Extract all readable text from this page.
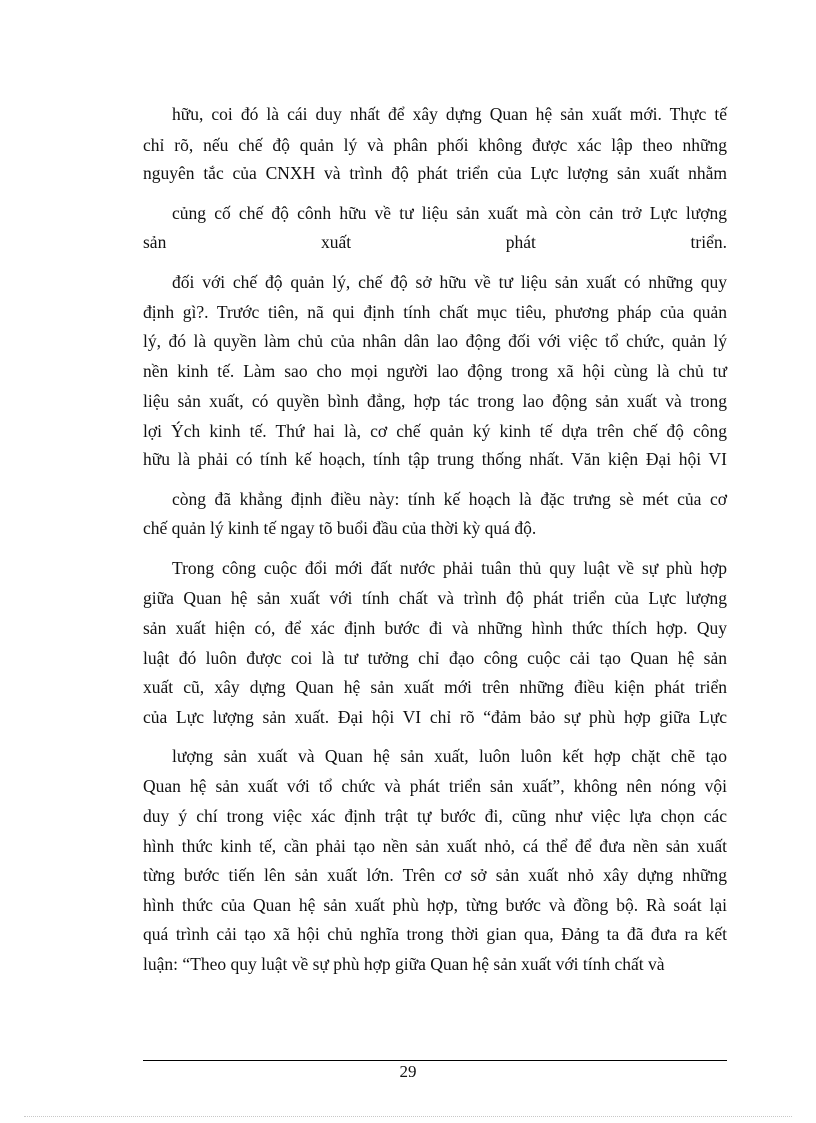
hữu, coi đó là cái duy nhất để xây dựng Quan hệ sản xuất mới. Thực tế
chỉ rõ, nếu chế độ quản lý và phân phối không được xác lập theo những
nguyên tắc của CNXH và trình độ phát triển của Lực lượng sản xuất nhằm
củng cố chế độ cônh hữu về tư liệu sản xuất mà còn cản trở Lực lượng
sản xuất phát triển.
đối với chế độ quản lý, chế độ sở hữu về tư liệu sản xuất có những quy
định gì?. Trước tiên, nã qui định tính chất mục tiêu, phương pháp của quản
lý, đó là quyền làm chủ của nhân dân lao động đối với việc tổ chức, quản lý
nền kinh tế. Làm sao cho mọi người lao động trong xã hội cùng là chủ tư
liệu sản xuất, có quyền bình đẳng, hợp tác trong lao động sản xuất và trong
lợi Ých kinh tế. Thứ hai là, cơ chế quản ký kinh tế dựa trên chế độ công
hữu là phải có tính kế hoạch, tính tập trung thống nhất. Văn kiện Đại hội VI
còng đã khẳng định điều này: tính kế hoạch là đặc trưng sè mét của cơ
chế quản lý kinh tế ngay tõ buổi đầu của thời kỳ quá độ.
Trong công cuộc đổi mới đất nước phải tuân thủ quy luật về sự phù hợp
giữa Quan hệ sản xuất với tính chất và trình độ phát triển của Lực lượng
sản xuất hiện có, để xác định bước đi và những hình thức thích hợp. Quy
luật đó luôn được coi là tư tưởng chỉ đạo công cuộc cải tạo Quan hệ sản
xuất cũ, xây dựng Quan hệ sản xuất mới trên những điều kiện phát triển
của Lực lượng sản xuất. Đại hội VI chỉ rõ “đảm bảo sự phù hợp giữa Lực
lượng sản xuất và Quan hệ sản xuất, luôn luôn kết hợp chặt chẽ tạo
Quan hệ sản xuất với tổ chức và phát triển sản xuất”, không nên nóng vội
duy ý chí trong việc xác định trật tự bước đi, cũng như việc lựa chọn các
hình thức kinh tế, cần phải tạo nền sản xuất nhỏ, cá thể để đưa nền sản xuất
từng bước tiến lên sản xuất lớn. Trên cơ sở sản xuất nhỏ xây dựng những
hình thức của Quan hệ sản xuất phù hợp, từng bước và đồng bộ. Rà soát lại
quá trình cải tạo xã hội chủ nghĩa trong thời gian qua, Đảng ta đã đưa ra kết
luận: “Theo quy luật về sự phù hợp giữa Quan hệ sản xuất với tính chất và
29
